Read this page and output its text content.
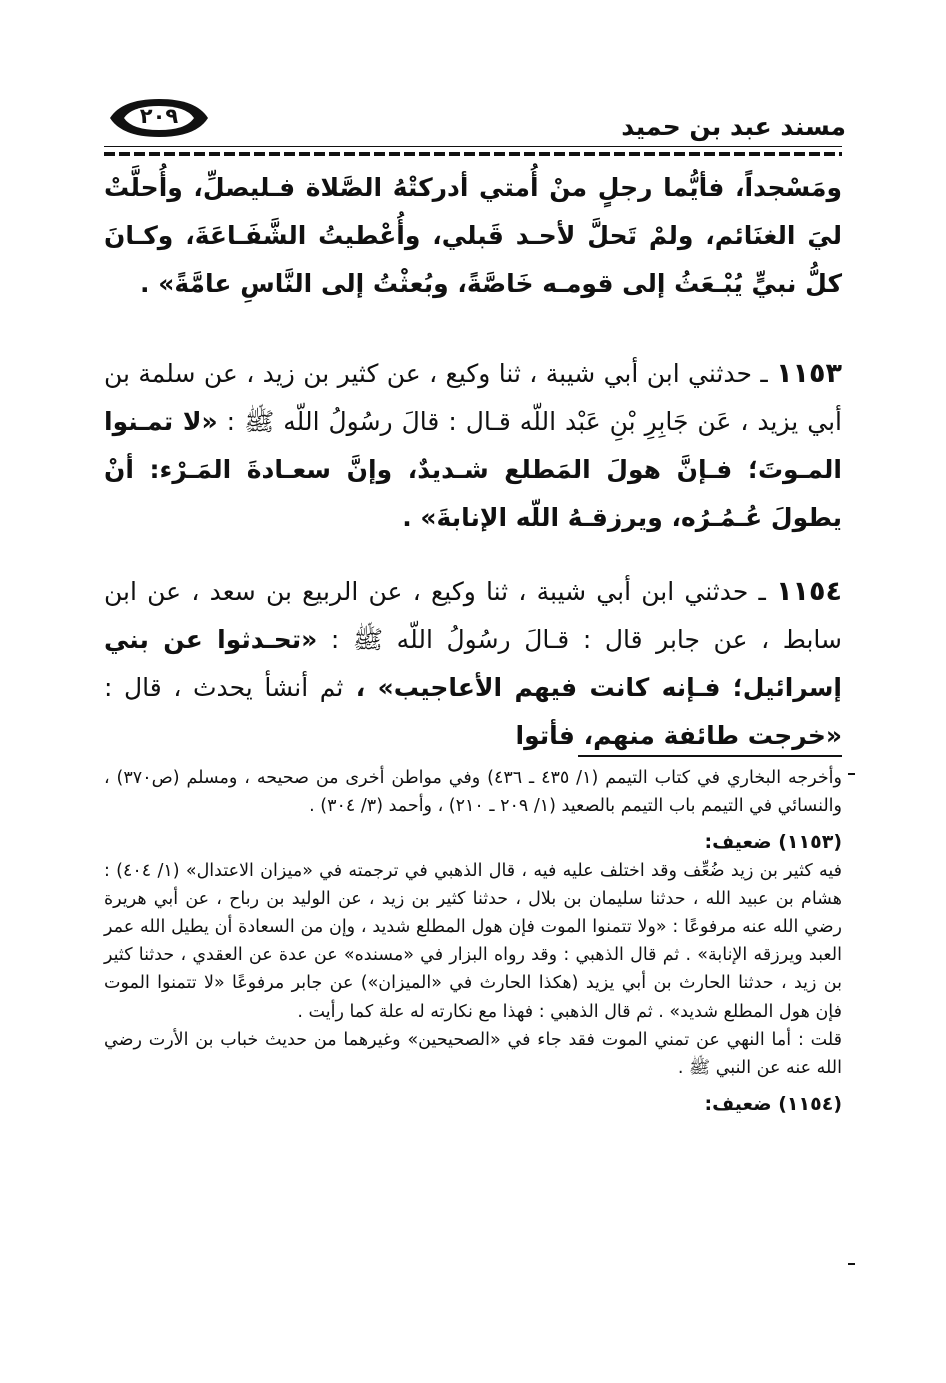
مسند عبد بن حميد
٢٠٩
ومَسْجداً، فأيُّما رجلٍ منْ أُمتي أدركتْهُ الصَّلاة فـليصلِّ، وأُحلَّتْ ليَ الغنَائم، ولمْ تَحلَّ لأحـد قَبلي، وأُعْطيتُ الشَّفَـاعَةَ، وكـانَ كلُّ نبيٍّ يُبْـعَثُ إلى قومـه خَاصَّةً، وبُعثْتُ إلى النَّاسِ عامَّةً» .
١١٥٣ ـ حدثني ابن أبي شيبة ، ثنا وكيع ، عن كثير بن زيد ، عن سلمة بن أبي يزيد ، عَن جَابِرِ بْنِ عَبْد اللّه قـال : قالَ رسُولُ اللّه ﷺ : «لا تمـنوا المـوتَ؛ فـإنَّ هولَ المَطلع شـديدٌ، وإنَّ سعـادةَ المَـرْء: أنْ يطولَ عُـمُـرُه، ويرزقـهُ اللّه الإنابةَ» .
١١٥٤ ـ حدثني ابن أبي شيبة ، ثنا وكيع ، عن الربيع بن سعد ، عن ابن سابط ، عن جابر قال : قـالَ رسُولُ اللّه ﷺ : «تحـدثوا عن بني إسرائيل؛ فـإنه كانت فيهم الأعاجيب» ، ثم أنشأ يحدث ، قال : «خرجت طائفة منهم، فأتوا

وأخرجه البخاري في كتاب التيمم (١/ ٤٣٥ ـ ٤٣٦) وفي مواطن أخرى من صحيحه ، ومسلم (ص٣٧٠) ، والنسائي في التيمم باب التيمم بالصعيد (١/ ٢٠٩ ـ ٢١٠) ، وأحمد (٣/ ٣٠٤) .

(١١٥٣) ضعيف:

فيه كثير بن زيد ضُعِّف وقد اختلف عليه فيه ، قال الذهبي في ترجمته في «ميزان الاعتدال» (١/ ٤٠٤) : هشام بن عبيد الله ، حدثنا سليمان بن بلال ، حدثنا كثير بن زيد ، عن الوليد بن رباح ، عن أبي هريرة رضي الله عنه مرفوعًا : «ولا تتمنوا الموت فإن هول المطلع شديد ، وإن من السعادة أن يطيل الله عمر العبد ويرزقه الإنابة» . ثم قال الذهبي : وقد رواه البزار في «مسنده» عن عدة عن العقدي ، حدثنا كثير بن زيد ، حدثنا الحارث بن أبي يزيد (هكذا الحارث في «الميزان») عن جابر مرفوعًا «لا تتمنوا الموت فإن هول المطلع شديد» . ثم قال الذهبي : فهذا مع نكارته له علة كما رأيت .

قلت : أما النهي عن تمني الموت فقد جاء في «الصحيحين» وغيرهما من حديث خباب بن الأرت رضي الله عنه عن النبي ﷺ .

(١١٥٤) ضعيف:
